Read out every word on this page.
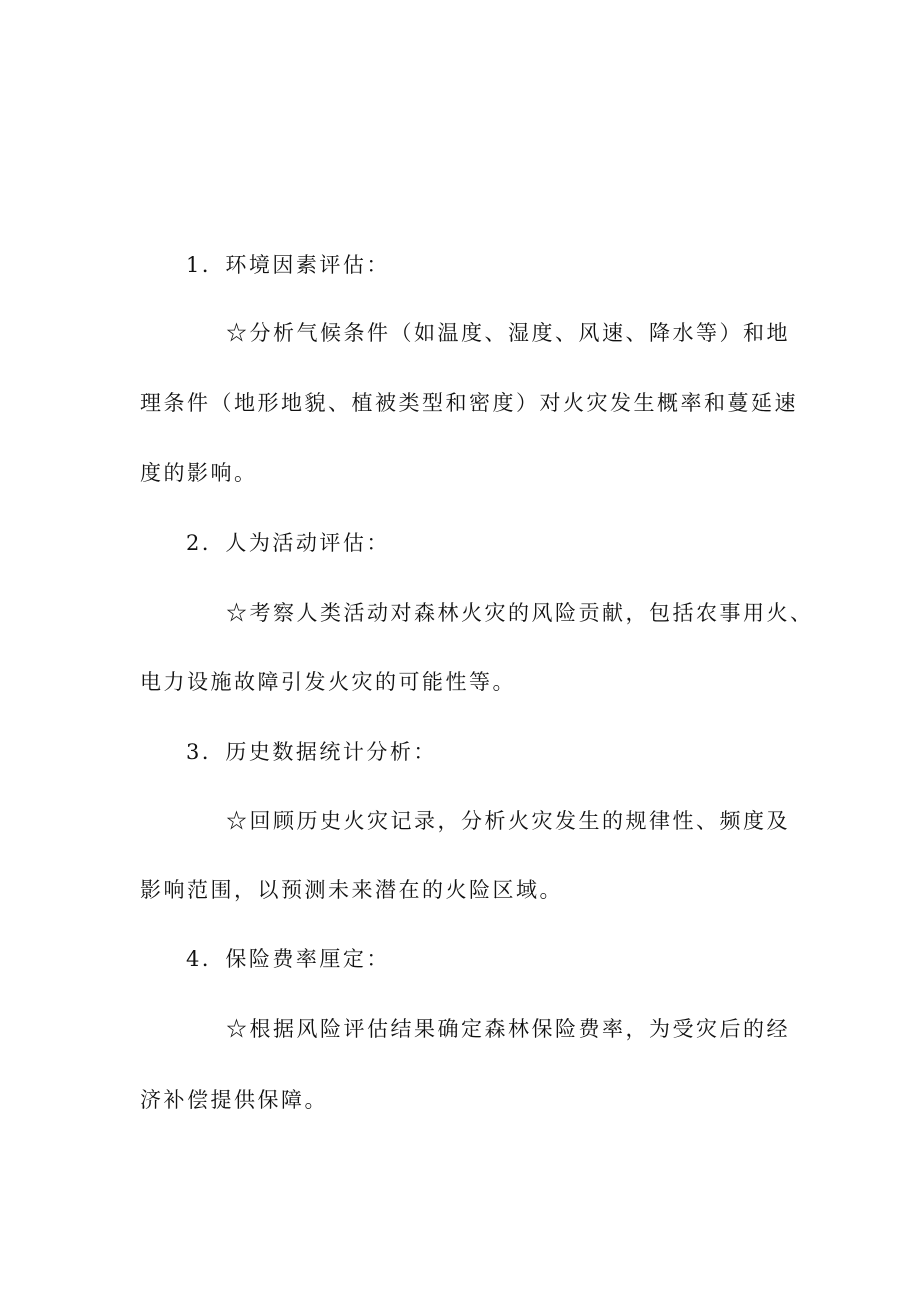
1．环境因素评估：
☆分析气候条件（如温度、湿度、风速、降水等）和地
理条件（地形地貌、植被类型和密度）对火灾发生概率和蔓延速
度的影响。
2．人为活动评估：
☆考察人类活动对森林火灾的风险贡献，包括农事用火、
电力设施故障引发火灾的可能性等。
3．历史数据统计分析：
☆回顾历史火灾记录，分析火灾发生的规律性、频度及
影响范围，以预测未来潜在的火险区域。
4．保险费率厘定：
☆根据风险评估结果确定森林保险费率，为受灾后的经
济补偿提供保障。
